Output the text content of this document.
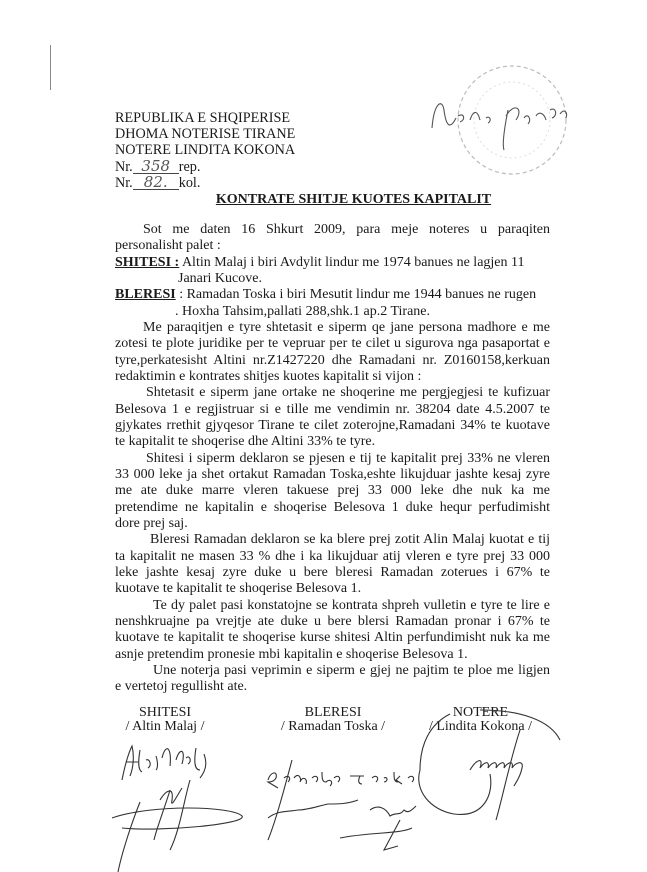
REPUBLIKA E SHQIPERISE
DHOMA NOTERISE TIRANE
NOTERE LINDITA KOKONA
Nr. 358 rep.
Nr. 82. kol.
KONTRATE SHITJE KUOTES KAPITALIT
Sot me daten 16 Shkurt 2009, para meje noteres u paraqiten
personalisht palet :
SHITESI : Altin Malaj i biri Avdylit lindur me 1974 banues ne lagjen 11
Janari Kucove.
BLERESI : Ramadan Toska i biri Mesutit lindur me 1944 banues ne rugen
. Hoxha Tahsim,pallati 288,shk.1 ap.2 Tirane.
Me paraqitjen e tyre shtetasit e siperm qe jane persona madhore e me
zotesi te plote juridike per te vepruar per te cilet u sigurova nga pasaportat e
tyre,perkatesisht Altini nr.Z1427220 dhe Ramadani nr. Z0160158,kerkuan
redaktimin e kontrates shitjes kuotes kapitalit si vijon :
Shtetasit e siperm jane ortake ne shoqerine me pergjegjesi te kufizuar
Belesova 1 e regjistruar si e tille me vendimin nr. 38204 date 4.5.2007 te
gjykates rrethit gjyqesor Tirane te cilet zoterojne,Ramadani 34% te kuotave
te kapitalit te shoqerise dhe Altini 33% te tyre.
Shitesi i siperm deklaron se pjesen e tij te kapitalit prej 33% ne vleren
33 000 leke ja shet ortakut Ramadan Toska,eshte likujduar jashte kesaj zyre
me ate duke marre vleren takuese prej 33 000 leke dhe nuk ka me
pretendime ne kapitalin e shoqerise Belesova 1 duke hequr perfudimisht
dore prej saj.
Bleresi Ramadan deklaron se ka blere prej zotit Alin Malaj kuotat e tij
ta kapitalit ne masen 33 % dhe i ka likujduar atij vleren e tyre prej 33 000
leke jashte kesaj zyre duke u bere bleresi Ramadan zoterues i 67% te
kuotave te kapitalit te shoqerise Belesova 1.
Te dy palet pasi konstatojne se kontrata shpreh vulletin e tyre te lire e
nenshkruajne pa vrejtje ate duke u bere blersi Ramadan pronar i 67% te
kuotave te kapitalit te shoqerise kurse shitesi Altin perfundimisht nuk ka me
asnje pretendim pronesie mbi kapitalin e shoqerise Belesova 1.
Une noterja pasi veprimin e siperm e gjej ne pajtim te ploe me ligjen
e vertetoj regullisht ate.
SHITESI
/ Altin Malaj /
BLERESI
/ Ramadan Toska /
NOTERE
/ Lindita Kokona /
